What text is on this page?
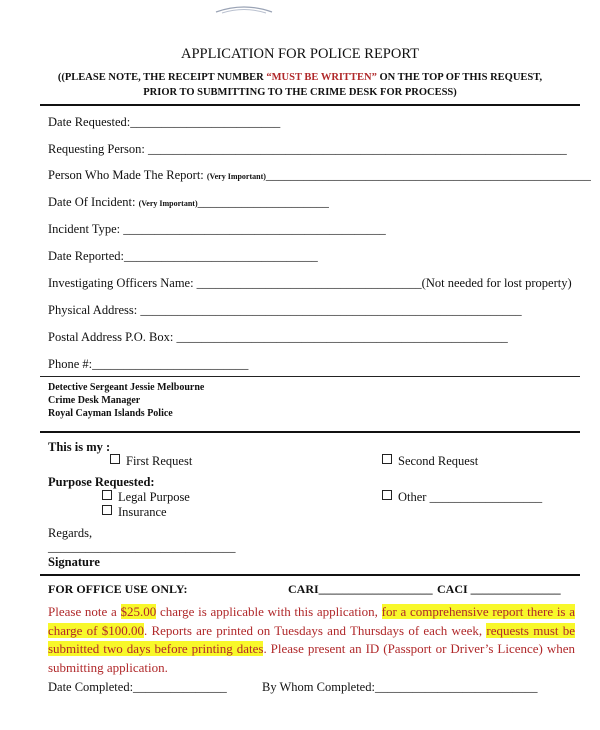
APPLICATION FOR POLICE REPORT
((PLEASE NOTE, THE RECEIPT NUMBER “MUST BE WRITTEN” ON THE TOP OF THIS REQUEST,
PRIOR TO SUBMITTING TO THE CRIME DESK FOR PROCESS)
Date Requested:________________________
Requesting Person: ___________________________________________________________________
Person Who Made The Report: (Very Important)____________________________________________________
Date Of Incident: (Very Important)_____________________
Incident Type: __________________________________________
Date Reported:_______________________________
Investigating Officers Name: ____________________________________(Not needed for lost property)
Physical Address: _____________________________________________________________
Postal Address P.O. Box: _____________________________________________________
Phone #:_________________________
Detective Sergeant Jessie Melbourne
Crime Desk Manager
Royal Cayman Islands Police
This is my :
First Request	Second Request
Purpose Requested:
Legal Purpose	Other __________________
Insurance
Regards,
______________________________
Signature
FOR OFFICE USE ONLY:	CARI___________________ CACI _______________
Please note a $25.00 charge is applicable with this application, for a comprehensive report there is a charge of $100.00. Reports are printed on Tuesdays and Thursdays of each week, requests must be submitted two days before printing dates. Please present an ID (Passport or Driver’s Licence) when submitting application.
Date Completed:_______________	By Whom Completed:__________________________
